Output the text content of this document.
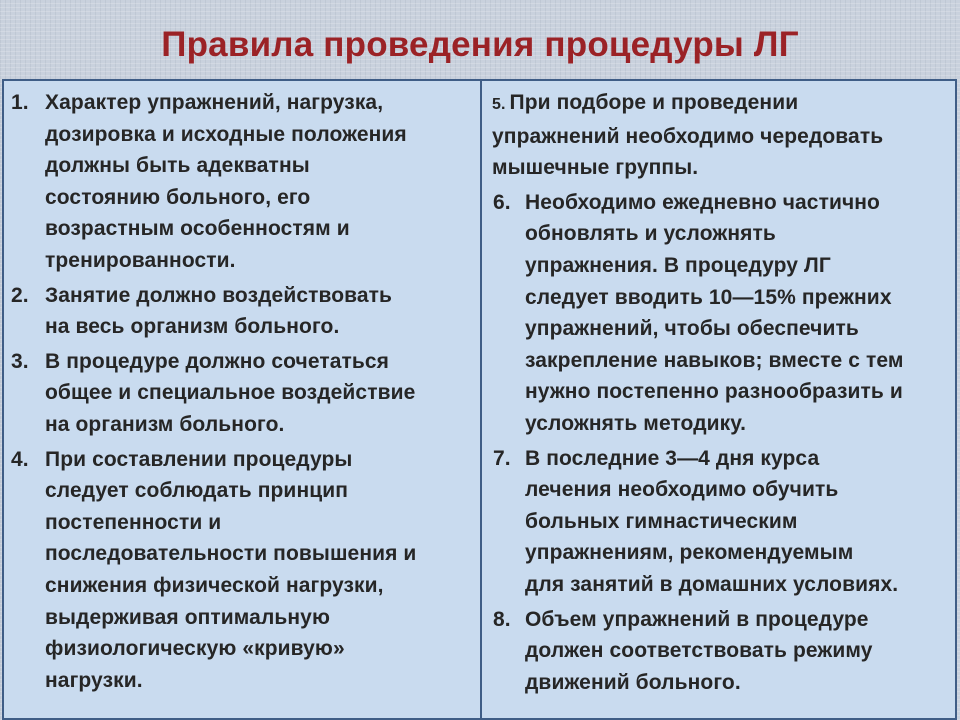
Правила проведения процедуры ЛГ
1. Характер упражнений, нагрузка,
дозировка и исходные положения
должны быть адекватны
состоянию больного, его
возрастным особенностям и
тренированности.
2. Занятие должно воздействовать
на весь организм больного.
3. В процедуре должно сочетаться
общее и специальное воздействие
на организм больного.
4. При составлении процедуры
следует соблюдать принцип
постепенности и
последовательности повышения и
снижения физической нагрузки,
выдерживая оптимальную
физиологическую «кривую»
нагрузки.
5. При подборе и проведении
упражнений необходимо чередовать
мышечные группы.
6. Необходимо ежедневно частично
обновлять и усложнять
упражнения. В процедуру ЛГ
следует вводить 10—15% прежних
упражнений, чтобы обеспечить
закрепление навыков; вместе с тем
нужно постепенно разнообразить и
усложнять методику.
7. В последние 3—4 дня курса
лечения необходимо обучить
больных гимнастическим
упражнениям, рекомендуемым
для занятий в домашних условиях.
8. Объем упражнений в процедуре
должен соответствовать режиму
движений больного.
